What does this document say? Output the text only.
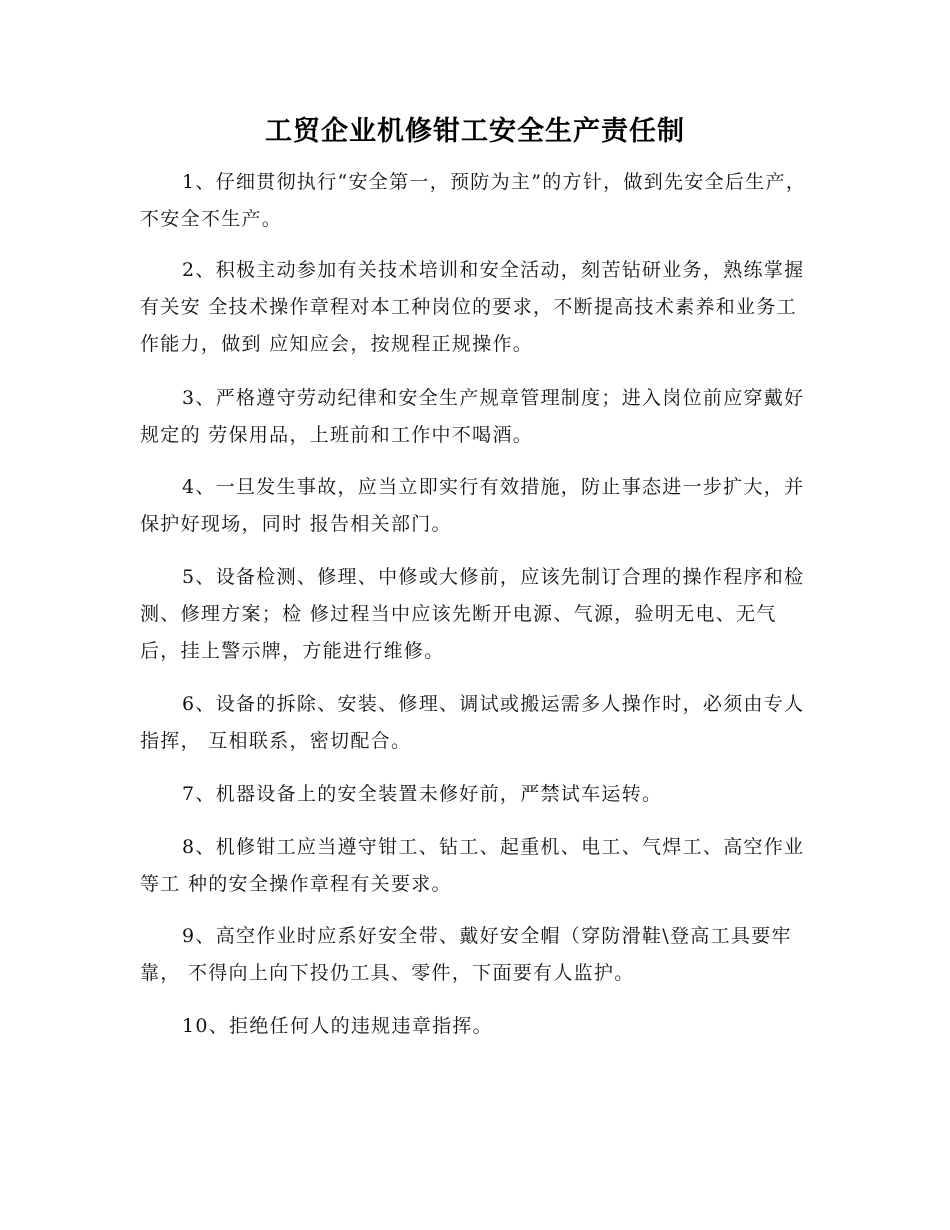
工贸企业机修钳工安全生产责任制

1、仔细贯彻执行“安全第一，预防为主”的方针，做到先安全后生产， 不安全不生产。

2、积极主动参加有关技术培训和安全活动，刻苦钻研业务，熟练掌握有关安 全技术操作章程对本工种岗位的要求，不断提高技术素养和业务工作能力，做到 应知应会，按规程正规操作。

3、严格遵守劳动纪律和安全生产规章管理制度；进入岗位前应穿戴好规定的 劳保用品，上班前和工作中不喝酒。

4、一旦发生事故，应当立即实行有效措施，防止事态进一步扩大，并保护好现场，同时 报告相关部门。

5、设备检测、修理、中修或大修前，应该先制订合理的操作程序和检测、修理方案；检 修过程当中应该先断开电源、气源，验明无电、无气后，挂上警示牌，方能进行维修。

6、设备的拆除、安装、修理、调试或搬运需多人操作时，必须由专人指挥， 互相联系，密切配合。

7、机器设备上的安全装置未修好前，严禁试车运转。

8、机修钳工应当遵守钳工、钻工、起重机、电工、气焊工、高空作业等工 种的安全操作章程有关要求。

9、高空作业时应系好安全带、戴好安全帽（穿防滑鞋\登高工具要牢靠， 不得向上向下投仍工具、零件，下面要有人监护。

10、拒绝任何人的违规违章指挥。
